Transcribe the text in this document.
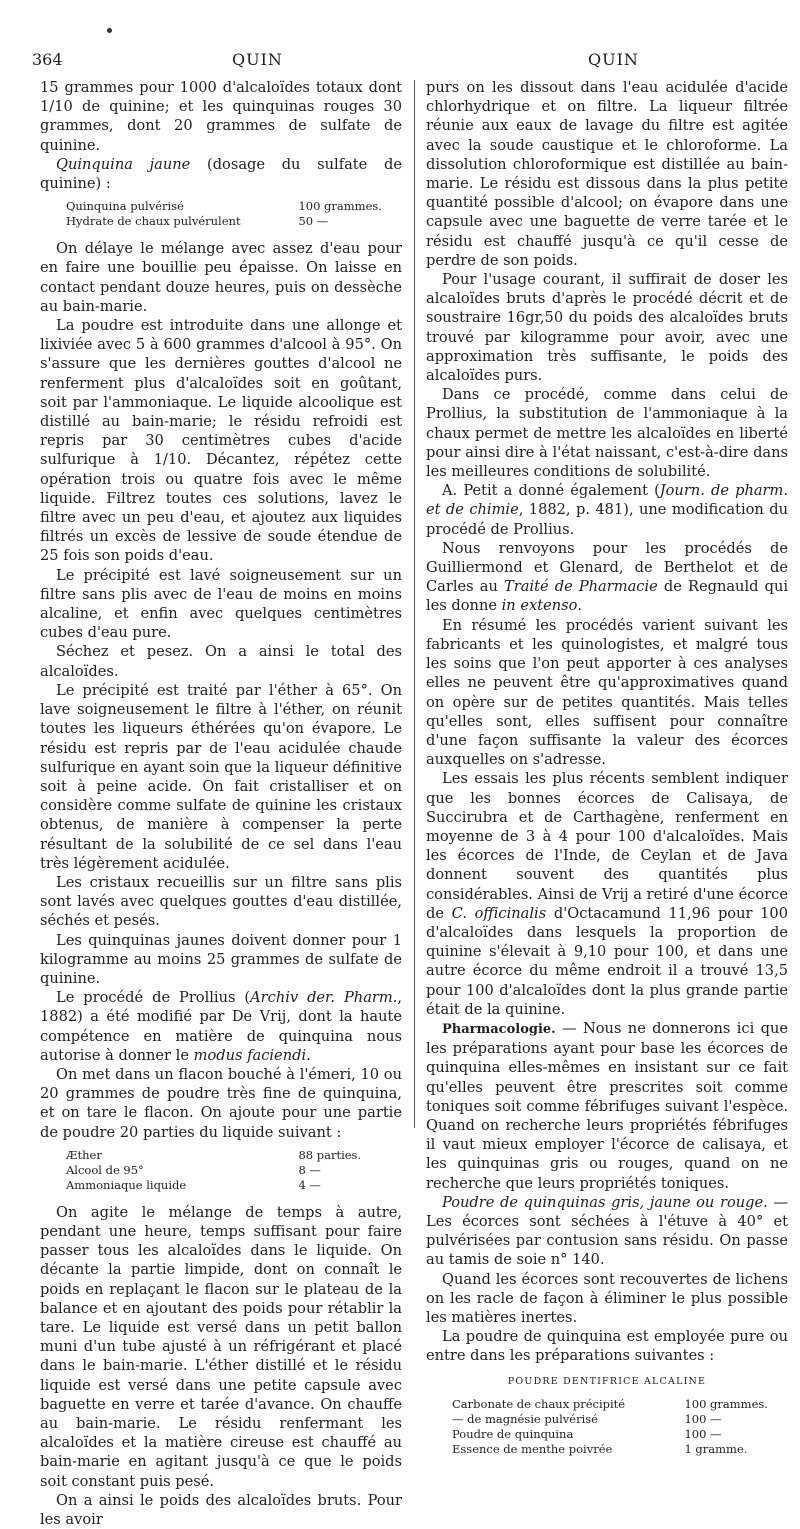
364	QUIN	QUIN

15 grammes pour 1000 d'alcaloïdes totaux dont 1/10 de quinine; et les quinquinas rouges 30 grammes, dont 20 grammes de sulfate de quinine.

Quinquina jaune (dosage du sulfate de quinine) :

Quinquina pulvérisé	100 grammes.
Hydrate de chaux pulvérulent	50 —

On délaye le mélange avec assez d'eau pour en faire une bouillie peu épaisse. On laisse en contact pendant douze heures, puis on dessèche au bain-marie.

La poudre est introduite dans une allonge et lixiviée avec 5 à 600 grammes d'alcool à 95°. On s'assure que les dernières gouttes d'alcool ne renferment plus d'alcaloïdes soit en goûtant, soit par l'ammoniaque. Le liquide alcoolique est distillé au bain-marie; le résidu refroidi est repris par 30 centimètres cubes d'acide sulfurique à 1/10. Décantez, répétez cette opération trois ou quatre fois avec le même liquide. Filtrez toutes ces solutions, lavez le filtre avec un peu d'eau, et ajoutez aux liquides filtrés un excès de lessive de soude étendue de 25 fois son poids d'eau.

Le précipité est lavé soigneusement sur un filtre sans plis avec de l'eau de moins en moins alcaline, et enfin avec quelques centimètres cubes d'eau pure.

Séchez et pesez. On a ainsi le total des alcaloïdes.

Le précipité est traité par l'éther à 65°. On lave soigneusement le filtre à l'éther, on réunit toutes les liqueurs éthérées qu'on évapore. Le résidu est repris par de l'eau acidulée chaude sulfurique en ayant soin que la liqueur définitive soit à peine acide. On fait cristalliser et on considère comme sulfate de quinine les cristaux obtenus, de manière à compenser la perte résultant de la solubilité de ce sel dans l'eau très légèrement acidulée.

Les cristaux recueillis sur un filtre sans plis sont lavés avec quelques gouttes d'eau distillée, séchés et pesés.

Les quinquinas jaunes doivent donner pour 1 kilogramme au moins 25 grammes de sulfate de quinine.

Le procédé de Prollius (Archiv der. Pharm., 1882) a été modifié par De Vrij, dont la haute compétence en matière de quinquina nous autorise à donner le modus faciendi.

On met dans un flacon bouché à l'émeri, 10 ou 20 grammes de poudre très fine de quinquina, et on tare le flacon. On ajoute pour une partie de poudre 20 parties du liquide suivant :

Æther	88 parties.
Alcool de 95°	8 —
Ammoniaque liquide	4 —

On agite le mélange de temps à autre, pendant une heure, temps suffisant pour faire passer tous les alcaloïdes dans le liquide. On décante la partie limpide, dont on connaît le poids en replaçant le flacon sur le plateau de la balance et en ajoutant des poids pour rétablir la tare. Le liquide est versé dans un petit ballon muni d'un tube ajusté à un réfrigérant et placé dans le bain-marie. L'éther distillé et le résidu liquide est versé dans une petite capsule avec baguette en verre et tarée d'avance. On chauffe au bain-marie. Le résidu renfermant les alcaloïdes et la matière cireuse est chauffé au bain-marie en agitant jusqu'à ce que le poids soit constant puis pesé.

On a ainsi le poids des alcaloïdes bruts. Pour les avoir

purs on les dissout dans l'eau acidulée d'acide chlorhydrique et on filtre. La liqueur filtrée réunie aux eaux de lavage du filtre est agitée avec la soude caustique et le chloroforme. La dissolution chloroformique est distillée au bain-marie. Le résidu est dissous dans la plus petite quantité possible d'alcool; on évapore dans une capsule avec une baguette de verre tarée et le résidu est chauffé jusqu'à ce qu'il cesse de perdre de son poids.

Pour l'usage courant, il suffirait de doser les alcaloïdes bruts d'après le procédé décrit et de soustraire 16gr,50 du poids des alcaloïdes bruts trouvé par kilogramme pour avoir, avec une approximation très suffisante, le poids des alcaloïdes purs.

Dans ce procédé, comme dans celui de Prollius, la substitution de l'ammoniaque à la chaux permet de mettre les alcaloïdes en liberté pour ainsi dire à l'état naissant, c'est-à-dire dans les meilleures conditions de solubilité.

A. Petit a donné également (Journ. de pharm. et de chimie, 1882, p. 481), une modification du procédé de Prollius.

Nous renvoyons pour les procédés de Guilliermond et Glenard, de Berthelot et de Carles au Traité de Pharmacie de Regnauld qui les donne in extenso.

En résumé les procédés varient suivant les fabricants et les quinologistes, et malgré tous les soins que l'on peut apporter à ces analyses elles ne peuvent être qu'approximatives quand on opère sur de petites quantités. Mais telles qu'elles sont, elles suffisent pour connaître d'une façon suffisante la valeur des écorces auxquelles on s'adresse.

Les essais les plus récents semblent indiquer que les bonnes écorces de Calisaya, de Succirubra et de Carthagène, renferment en moyenne de 3 à 4 pour 100 d'alcaloïdes. Mais les écorces de l'Inde, de Ceylan et de Java donnent souvent des quantités plus considérables. Ainsi de Vrij a retiré d'une écorce de C. officinalis d'Octacamund 11,96 pour 100 d'alcaloïdes dans lesquels la proportion de quinine s'élevait à 9,10 pour 100, et dans une autre écorce du même endroit il a trouvé 13,5 pour 100 d'alcaloïdes dont la plus grande partie était de la quinine.

Pharmacologie. — Nous ne donnerons ici que les préparations ayant pour base les écorces de quinquina elles-mêmes en insistant sur ce fait qu'elles peuvent être prescrites soit comme toniques soit comme fébrifuges suivant l'espèce. Quand on recherche leurs propriétés fébrifuges il vaut mieux employer l'écorce de calisaya, et les quinquinas gris ou rouges, quand on ne recherche que leurs propriétés toniques.

Poudre de quinquinas gris, jaune ou rouge. — Les écorces sont séchées à l'étuve à 40° et pulvérisées par contusion sans résidu. On passe au tamis de soie n° 140.

Quand les écorces sont recouvertes de lichens on les racle de façon à éliminer le plus possible les matières inertes.

La poudre de quinquina est employée pure ou entre dans les préparations suivantes :

POUDRE DENTIFRICE ALCALINE
Carbonate de chaux précipité	100 grammes.
— de magnésie pulvérisé	100 —
Poudre de quinquina	100 —
Essence de menthe poivrée	1 gramme.
